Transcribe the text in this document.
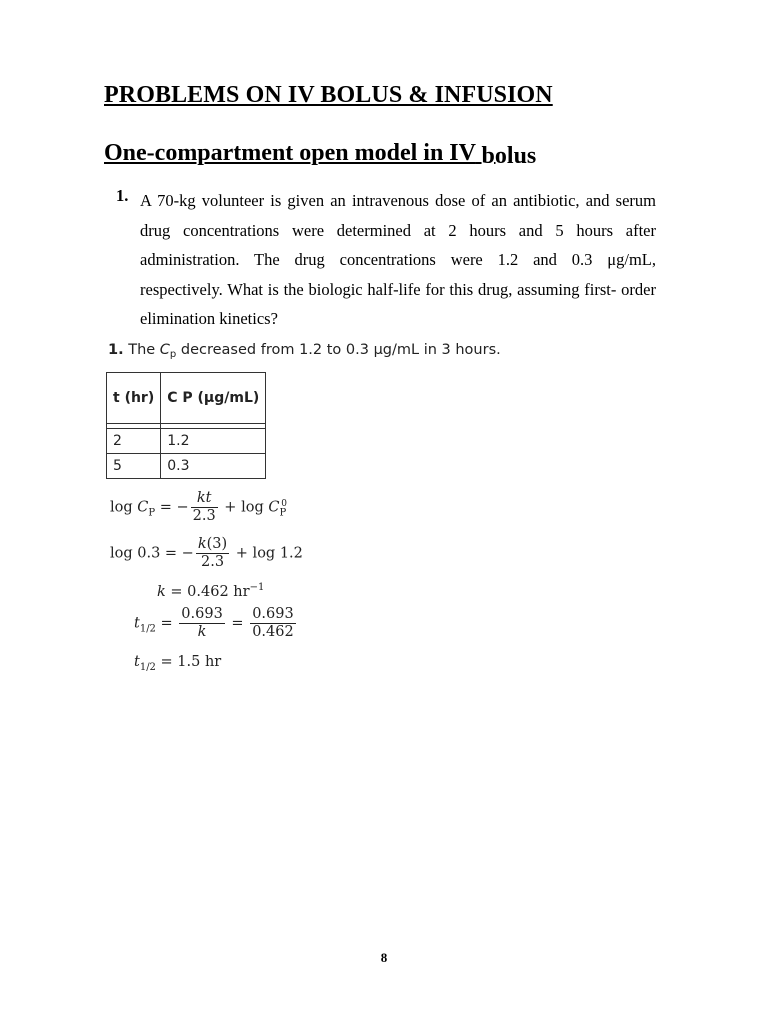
PROBLEMS ON IV BOLUS & INFUSION
One-compartment open model in IV bolus
1. A 70-kg volunteer is given an intravenous dose of an antibiotic, and serum drug concentrations were determined at 2 hours and 5 hours after administration. The drug concentrations were 1.2 and 0.3 μg/mL, respectively. What is the biologic half-life for this drug, assuming first- order elimination kinetics?
1. The $C_p$ decreased from 1.2 to 0.3 μg/mL in 3 hours.
t (hr)	C P (μg/mL)

2	1.2
5	0.3
$\log C_P$ = − $\frac{kt}{2.3} + \log C_P^0$
log 0.3 = − $\frac{k(3)}{2.3} + \log 1.2$
k = 0.462 $hr^{-1}$
$t_{1/2} = \frac{0.693}{k} = \frac{0.693}{0.462}$
$t_{1/2} = 1.5$ hr
8
